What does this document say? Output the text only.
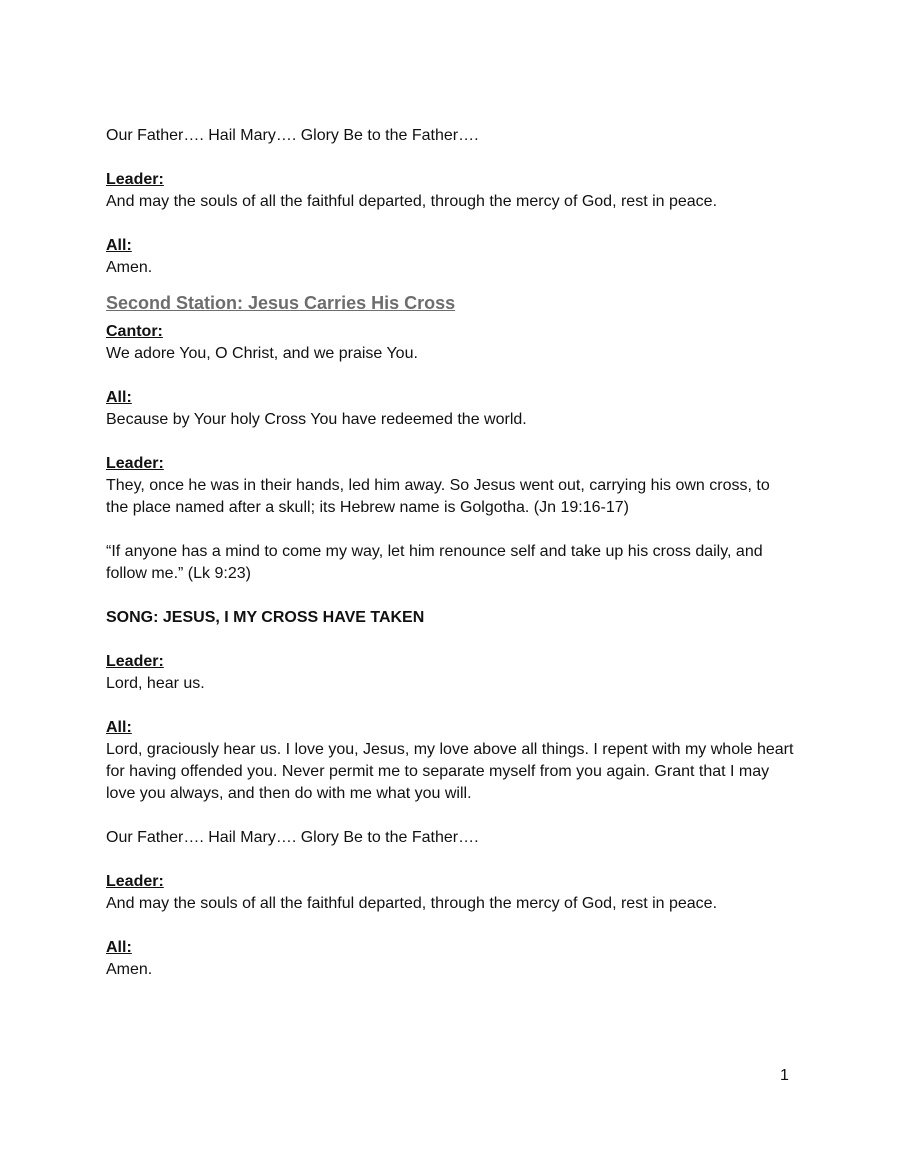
Our Father…. Hail Mary…. Glory Be to the Father….
Leader:
And may the souls of all the faithful departed, through the mercy of God, rest in peace.
All:
Amen.
Second Station: Jesus Carries His Cross
Cantor:
We adore You, O Christ, and we praise You.
All:
Because by Your holy Cross You have redeemed the world.
Leader:
They, once he was in their hands, led him away. So Jesus went out, carrying his own cross, to the place named after a skull; its Hebrew name is Golgotha. (Jn 19:16-17)
“If anyone has a mind to come my way, let him renounce self and take up his cross daily, and follow me.” (Lk 9:23)
SONG: JESUS, I MY CROSS HAVE TAKEN
Leader:
Lord, hear us.
All:
Lord, graciously hear us. I love you, Jesus, my love above all things. I repent with my whole heart for having offended you. Never permit me to separate myself from you again. Grant that I may love you always, and then do with me what you will.
Our Father…. Hail Mary…. Glory Be to the Father….
Leader:
And may the souls of all the faithful departed, through the mercy of God, rest in peace.
All:
Amen.
1
